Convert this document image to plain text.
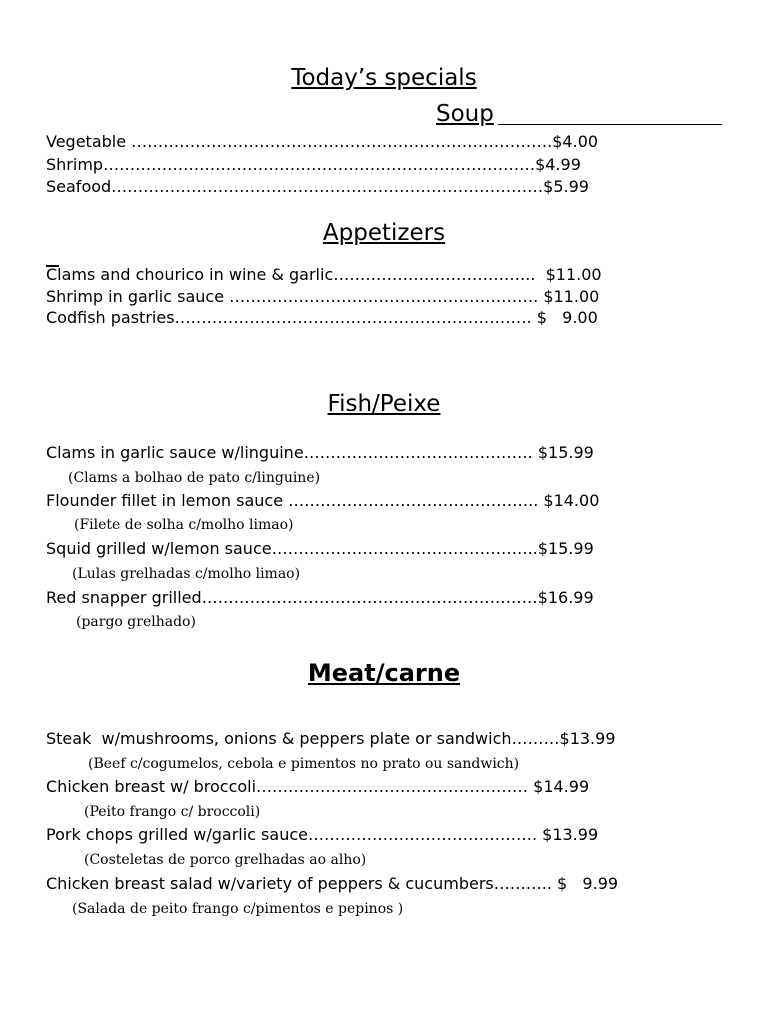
Today’s specials
Soup
Vegetable …………………………………………………………………….$4.00
Shrimp………………………………………………………………………$4.99
Seafood………………………………………………………………………$5.99
Appetizers
Clams and chourico in wine & garlic………………………………..  $11.00
Shrimp in garlic sauce …………………………………………………. $11.00
Codfish pastries…………………………………………………………. $   9.00
Fish/Peixe
Clams in garlic sauce w/linguine……………………………………. $15.99
(Clams a bolhao de pato c/linguine)
Flounder fillet in lemon sauce ……………………………………….. $14.00
(Filete de solha c/molho limao)
Squid grilled w/lemon sauce…………………………………………..$15.99
(Lulas grelhadas c/molho limao)
Red snapper grilled………………………………………………………$16.99
(pargo grelhado)
Meat/carne
Steak  w/mushrooms, onions & peppers plate or sandwich………$13.99
(Beef c/cogumelos, cebola e pimentos no prato ou sandwich)
Chicken breast w/ broccoli…………………………………………… $14.99
(Peito frango c/ broccoli)
Pork chops grilled w/garlic sauce……………………………………. $13.99
(Costeletas de porco grelhadas ao alho)
Chicken breast salad w/variety of peppers & cucumbers……….. $   9.99
(Salada de peito frango c/pimentos e pepinos )
